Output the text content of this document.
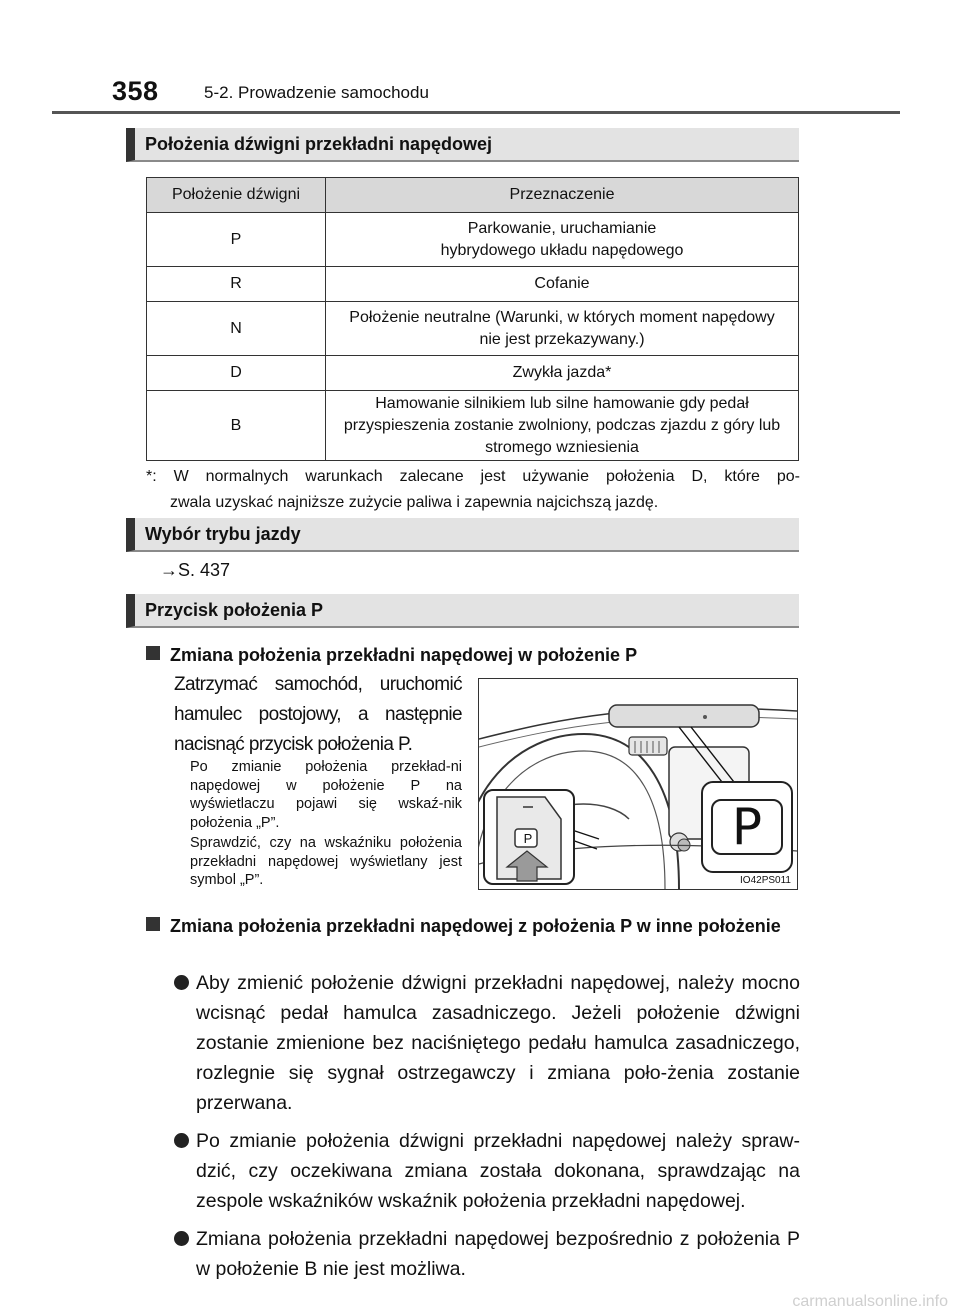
358	5-2. Prowadzenie samochodu
Położenia dźwigni przekładni napędowej
Położenie dźwigni	Przeznaczenie
P	Parkowanie, uruchamianie hybrydowego układu napędowego
R	Cofanie
N	Położenie neutralne (Warunki, w których moment napędowy nie jest przekazywany.)
D	Zwykła jazda*
B	Hamowanie silnikiem lub silne hamowanie gdy pedał przyspieszenia zostanie zwolniony, podczas zjazdu z góry lub stromego wzniesienia
*: W normalnych warunkach zalecane jest używanie położenia D, które po-
zwala uzyskać najniższe zużycie paliwa i zapewnia najcichszą jazdę.
Wybór trybu jazdy
→S. 437
Przycisk położenia P
Zmiana położenia przekładni napędowej w położenie P
Zatrzymać samochód, uruchomić hamulec postojowy, a następnie nacisnąć przycisk położenia P.
Po zmianie położenia przekład-ni napędowej w położenie P na wyświetlaczu pojawi się wskaź-nik położenia „P”.
Sprawdzić, czy na wskaźniku położenia przekładni napędowej wyświetlany jest symbol „P”.
P	P
IO42PS011
Zmiana położenia przekładni napędowej z położenia P w inne położenie
Aby zmienić położenie dźwigni przekładni napędowej, należy mocno wcisnąć pedał hamulca zasadniczego. Jeżeli położenie dźwigni zostanie zmienione bez naciśniętego pedału hamulca zasadniczego, rozlegnie się sygnał ostrzegawczy i zmiana poło-żenia zostanie przerwana.
Po zmianie położenia dźwigni przekładni napędowej należy spraw-dzić, czy oczekiwana zmiana została dokonana, sprawdzając na zespole wskaźników wskaźnik położenia przekładni napędowej.
Zmiana położenia przekładni napędowej bezpośrednio z położenia P w położenie B nie jest możliwa.
carmanualsonline.info
